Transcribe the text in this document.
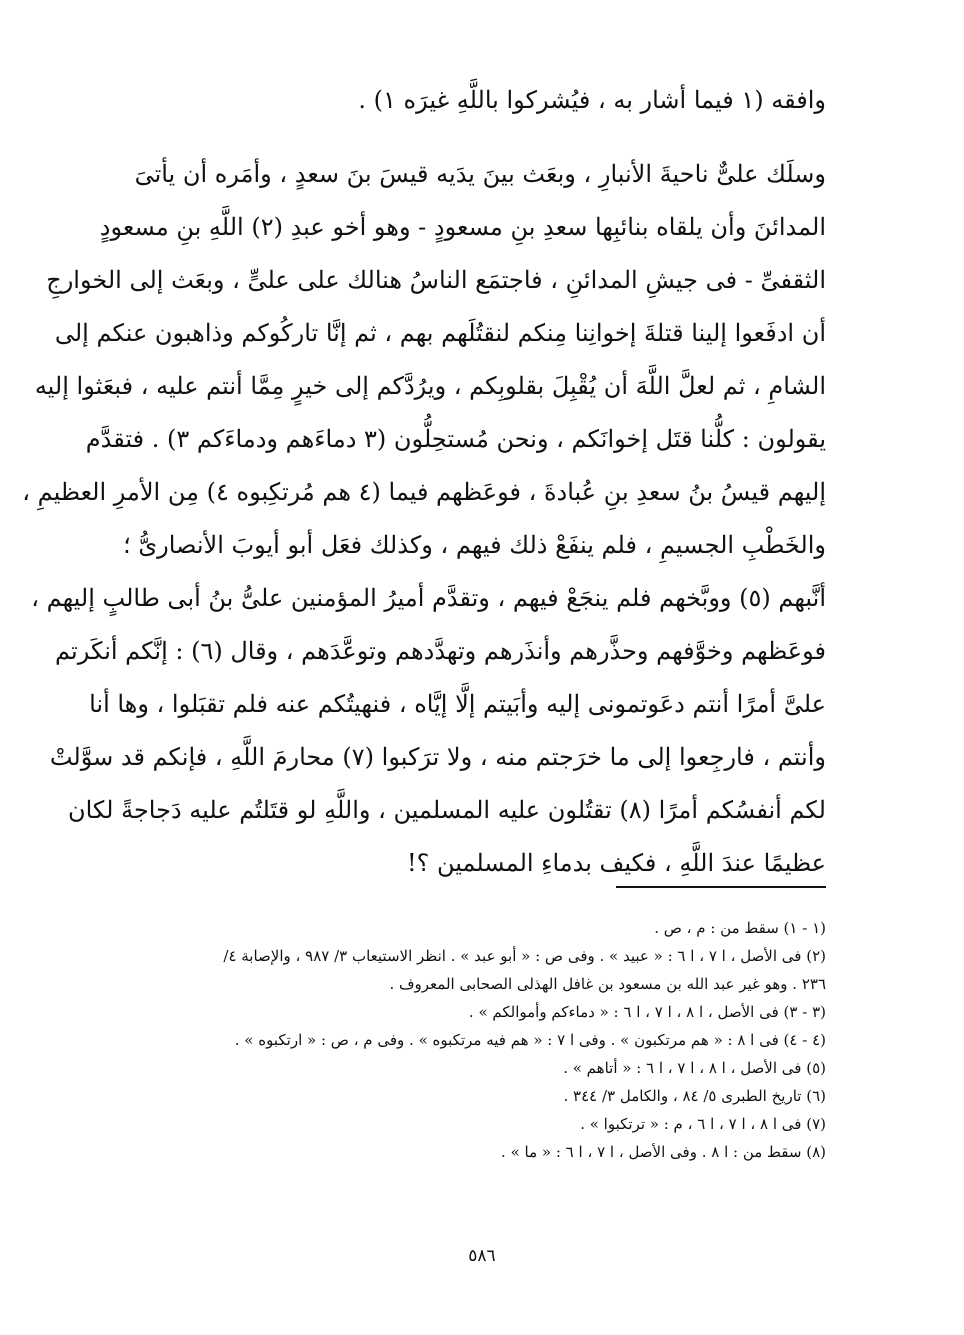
وافقه (١ فيما أشار به ، فيُشركوا باللَّهِ غيرَه ١) .
وسلَك علىٌّ ناحيةَ الأنبارِ ، وبعَث بينَ يدَيه قيسَ بنَ سعدٍ ، وأمَره أن يأتىَ
المدائنَ وأن يلقاه بنائبِها سعدِ بنِ مسعودٍ - وهو أخو عبدِ (٢) اللَّهِ بنِ مسعودٍ
الثقفىِّ - فى جيشِ المدائنِ ، فاجتمَع الناسُ هنالك على علىٍّ ، وبعَث إلى الخوارجِ
أن ادفَعوا إلينا قتلةَ إخوانِنا مِنكم لنقتُلَهم بهم ، ثم إنَّا تاركُوكم وذاهبون عنكم إلى
الشامِ ، ثم لعلَّ اللَّهَ أن يُقْبِلَ بقلوبِكم ، ويرُدَّكم إلى خيرٍ مِمَّا أنتم عليه ، فبعَثوا إليه
يقولون : كلُّنا قتَل إخوانَكم ، ونحن مُستحِلُّون (٣ دماءَهم ودماءَكم ٣) . فتقدَّم
إليهم قيسُ بنُ سعدِ بنِ عُبادةَ ، فوعَظهم فيما (٤ هم مُرتكِبوه ٤) مِن الأمرِ العظيمِ ،
والخَطْبِ الجسيمِ ، فلم ينفَعْ ذلك فيهم ، وكذلك فعَل أبو أيوبَ الأنصارىُّ ؛
أنَّبهم (٥) ووبَّخهم فلم ينجَعْ فيهم ، وتقدَّم أميرُ المؤمنين علىُّ بنُ أبى طالبٍ إليهم ،
فوعَظهم وخوَّفهم وحذَّرهم وأنذَرهم وتهدَّدهم وتوعَّدَهم ، وقال (٦) : إنَّكم أنكَرتم
علىَّ أمرًا أنتم دعَوتمونى إليه وأبَيتم إلَّا إيَّاه ، فنهيتُكم عنه فلم تقبَلوا ، وها أنا
وأنتم ، فارجِعوا إلى ما خرَجتم منه ، ولا ترَكبوا (٧) محارمَ اللَّهِ ، فإنكم قد سوَّلتْ
لكم أنفسُكم أمرًا (٨) تقتُلون عليه المسلمين ، واللَّهِ لو قتَلتُم عليه دَجاجةً لكان
عظيمًا عندَ اللَّهِ ، فكيف بدماءِ المسلمين ؟!
(١ - ١) سقط من : م ، ص .
(٢) فى الأصل ، ا ٧ ، ا ٦ : « عبيد » . وفى ص : « أبو عبد » . انظر الاستيعاب ٣/ ٩٨٧ ، والإصابة ٤/
٢٣٦ . وهو غير عبد الله بن مسعود بن غافل الهذلى الصحابى المعروف .
(٣ - ٣) فى الأصل ، ا ٨ ، ا ٧ ، ا ٦ : « دماءكم وأموالكم » .
(٤ - ٤) فى ا ٨ : « هم مرتكبون » . وفى ا ٧ : « هم فيه مرتكبوه » . وفى م ، ص : « ارتكبوه » .
(٥) فى الأصل ، ا ٨ ، ا ٧ ، ا ٦ : « أتاهم » .
(٦) تاريخ الطبرى ٥/ ٨٤ ، والكامل ٣/ ٣٤٤ .
(٧) فى ا ٨ ، ا ٧ ، ا ٦ ، م : « ترتكبوا » .
(٨) سقط من : ا ٨ . وفى الأصل ، ا ٧ ، ا ٦ : « ما » .
٥٨٦
